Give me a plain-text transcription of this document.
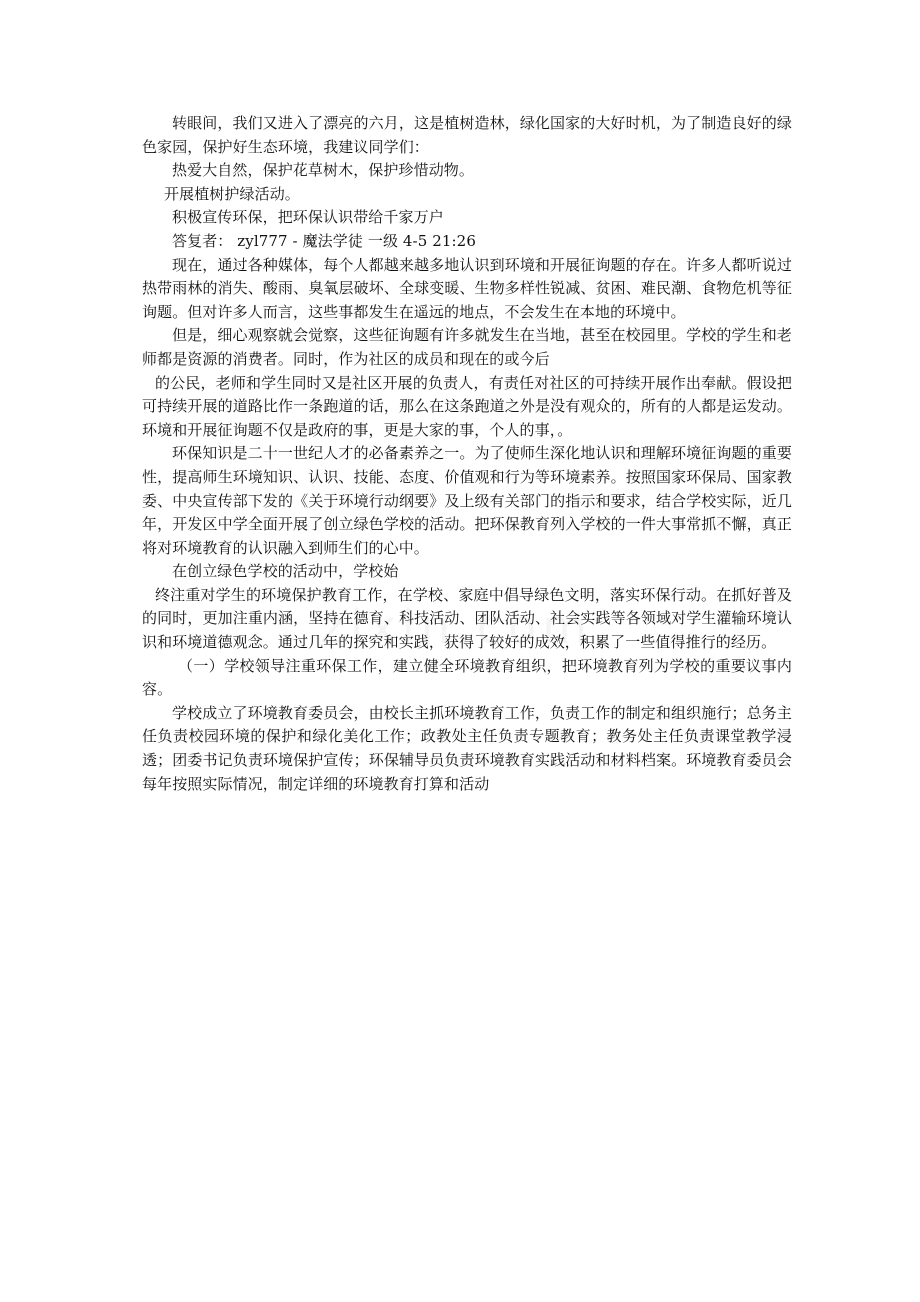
转眼间，我们又进入了漂亮的六月，这是植树造林，绿化国家的大好时机，为了制造良好的绿色家园，保护好生态环境，我建议同学们：

热爱大自然，保护花草树木，保护珍惜动物。

开展植树护绿活动。

积极宣传环保，把环保认识带给千家万户

答复者： zyl777 - 魔法学徒 一级 4-5 21:26

现在，通过各种媒体，每个人都越来越多地认识到环境和开展征询题的存在。许多人都听说过热带雨林的消失、酸雨、臭氧层破坏、全球变暖、生物多样性锐减、贫困、难民潮、食物危机等征询题。但对许多人而言，这些事都发生在遥远的地点，不会发生在本地的环境中。

但是，细心观察就会觉察，这些征询题有许多就发生在当地，甚至在校园里。学校的学生和老师都是资源的消费者。同时，作为社区的成员和现在的或今后

的公民，老师和学生同时又是社区开展的负责人，有责任对社区的可持续开展作出奉献。假设把可持续开展的道路比作一条跑道的话，那么在这条跑道之外是没有观众的，所有的人都是运发动。环境和开展征询题不仅是政府的事，更是大家的事，个人的事，。

环保知识是二十一世纪人才的必备素养之一。为了使师生深化地认识和理解环境征询题的重要性，提高师生环境知识、认识、技能、态度、价值观和行为等环境素养。按照国家环保局、国家教委、中央宣传部下发的《关于环境行动纲要》及上级有关部门的指示和要求，结合学校实际，近几年，开发区中学全面开展了创立绿色学校的活动。把环保教育列入学校的一件大事常抓不懈，真正将对环境教育的认识融入到师生们的心中。

在创立绿色学校的活动中，学校始

终注重对学生的环境保护教育工作，在学校、家庭中倡导绿色文明，落实环保行动。在抓好普及的同时，更加注重内涵，坚持在德育、科技活动、团队活动、社会实践等各领域对学生灌输环境认识和环境道德观念。通过几年的探究和实践，获得了较好的成效，积累了一些值得推行的经历。

（一）学校领导注重环保工作，建立健全环境教育组织，把环境教育列为学校的重要议事内容。

学校成立了环境教育委员会，由校长主抓环境教育工作，负责工作的制定和组织施行；总务主任负责校园环境的保护和绿化美化工作；政教处主任负责专题教育；教务处主任负责课堂教学浸透；团委书记负责环境保护宣传；环保辅导员负责环境教育实践活动和材料档案。环境教育委员会每年按照实际情况，制定详细的环境教育打算和活动
